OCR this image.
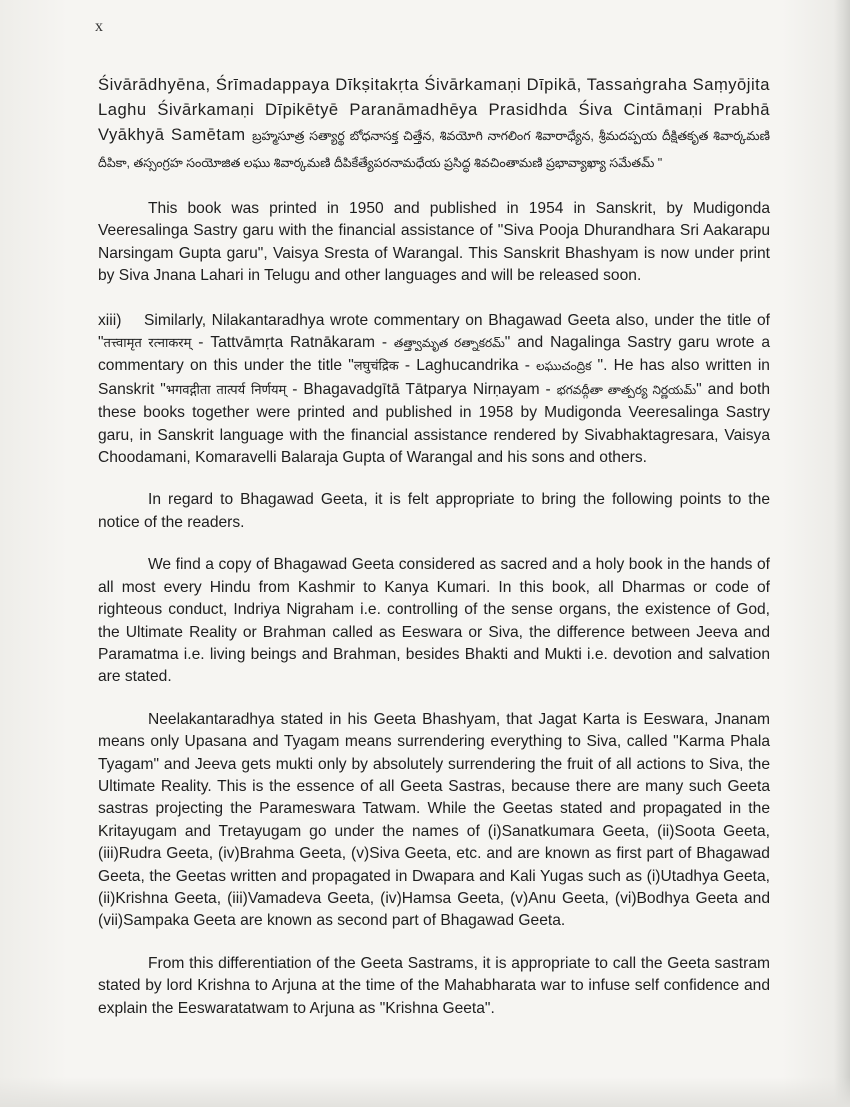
x

Śivārādhyēna, Śrīmadappaya Dīkṣitakṛta Śivārkamaṇi Dīpikā, Tassaṅgraha Saṃyōjita Laghu Śivārkamaṇi Dīpikētyē Paranāmadhēya Prasidhda Śiva Cintāmaṇi Prabhā Vyākhyā Samētam బ్రహ్మసూత్ర సత్యార్థ బోధనాసక్త చిత్తేన, శివయోగి నాగలింగ శివారాధ్యేన, శ్రీమదప్పయ దీక్షితకృత శివార్కమణి దీపికా, తస్సంగ్రహ సంయోజిత లఘు శివార్కమణి దీపికేత్యేపరనామధేయ ప్రసిద్ధ శివచింతామణి ప్రభావ్యాఖ్యా సమేతమ్ "

This book was printed in 1950 and published in 1954 in Sanskrit, by Mudigonda Veeresalinga Sastry garu with the financial assistance of "Siva Pooja Dhurandhara Sri Aakarapu Narsingam Gupta garu", Vaisya Sresta of Warangal. This Sanskrit Bhashyam is now under print by Siva Jnana Lahari in Telugu and other languages and will be released soon.

xiii) Similarly, Nilakantaradhya wrote commentary on Bhagawad Geeta also, under the title of "तत्त्वामृत रत्नाकरम् - Tattvāmṛta Ratnākaram - తత్త్వామృత రత్నాకరమ్" and Nagalinga Sastry garu wrote a commentary on this under the title "लघुचंद्रिक - Laghucandrika - లఘుచంద్రిక ". He has also written in Sanskrit "भगवद्गीता तात्पर्य निर्णयम् - Bhagavadgītā Tātparya Nirṇayam - భగవద్గీతా తాత్పర్య నిర్ణయమ్" and both these books together were printed and published in 1958 by Mudigonda Veeresalinga Sastry garu, in Sanskrit language with the financial assistance rendered by Sivabhaktagresara, Vaisya Choodamani, Komaravelli Balaraja Gupta of Warangal and his sons and others.

In regard to Bhagawad Geeta, it is felt appropriate to bring the following points to the notice of the readers.

We find a copy of Bhagawad Geeta considered as sacred and a holy book in the hands of all most every Hindu from Kashmir to Kanya Kumari. In this book, all Dharmas or code of righteous conduct, Indriya Nigraham i.e. controlling of the sense organs, the existence of God, the Ultimate Reality or Brahman called as Eeswara or Siva, the difference between Jeeva and Paramatma i.e. living beings and Brahman, besides Bhakti and Mukti i.e. devotion and salvation are stated.

Neelakantaradhya stated in his Geeta Bhashyam, that Jagat Karta is Eeswara, Jnanam means only Upasana and Tyagam means surrendering everything to Siva, called "Karma Phala Tyagam" and Jeeva gets mukti only by absolutely surrendering the fruit of all actions to Siva, the Ultimate Reality. This is the essence of all Geeta Sastras, because there are many such Geeta sastras projecting the Parameswara Tatwam. While the Geetas stated and propagated in the Kritayugam and Tretayugam go under the names of (i)Sanatkumara Geeta, (ii)Soota Geeta, (iii)Rudra Geeta, (iv)Brahma Geeta, (v)Siva Geeta, etc. and are known as first part of Bhagawad Geeta, the Geetas written and propagated in Dwapara and Kali Yugas such as (i)Utadhya Geeta, (ii)Krishna Geeta, (iii)Vamadeva Geeta, (iv)Hamsa Geeta, (v)Anu Geeta, (vi)Bodhya Geeta and (vii)Sampaka Geeta are known as second part of Bhagawad Geeta.

From this differentiation of the Geeta Sastrams, it is appropriate to call the Geeta sastram stated by lord Krishna to Arjuna at the time of the Mahabharata war to infuse self confidence and explain the Eeswaratatwam to Arjuna as "Krishna Geeta".
